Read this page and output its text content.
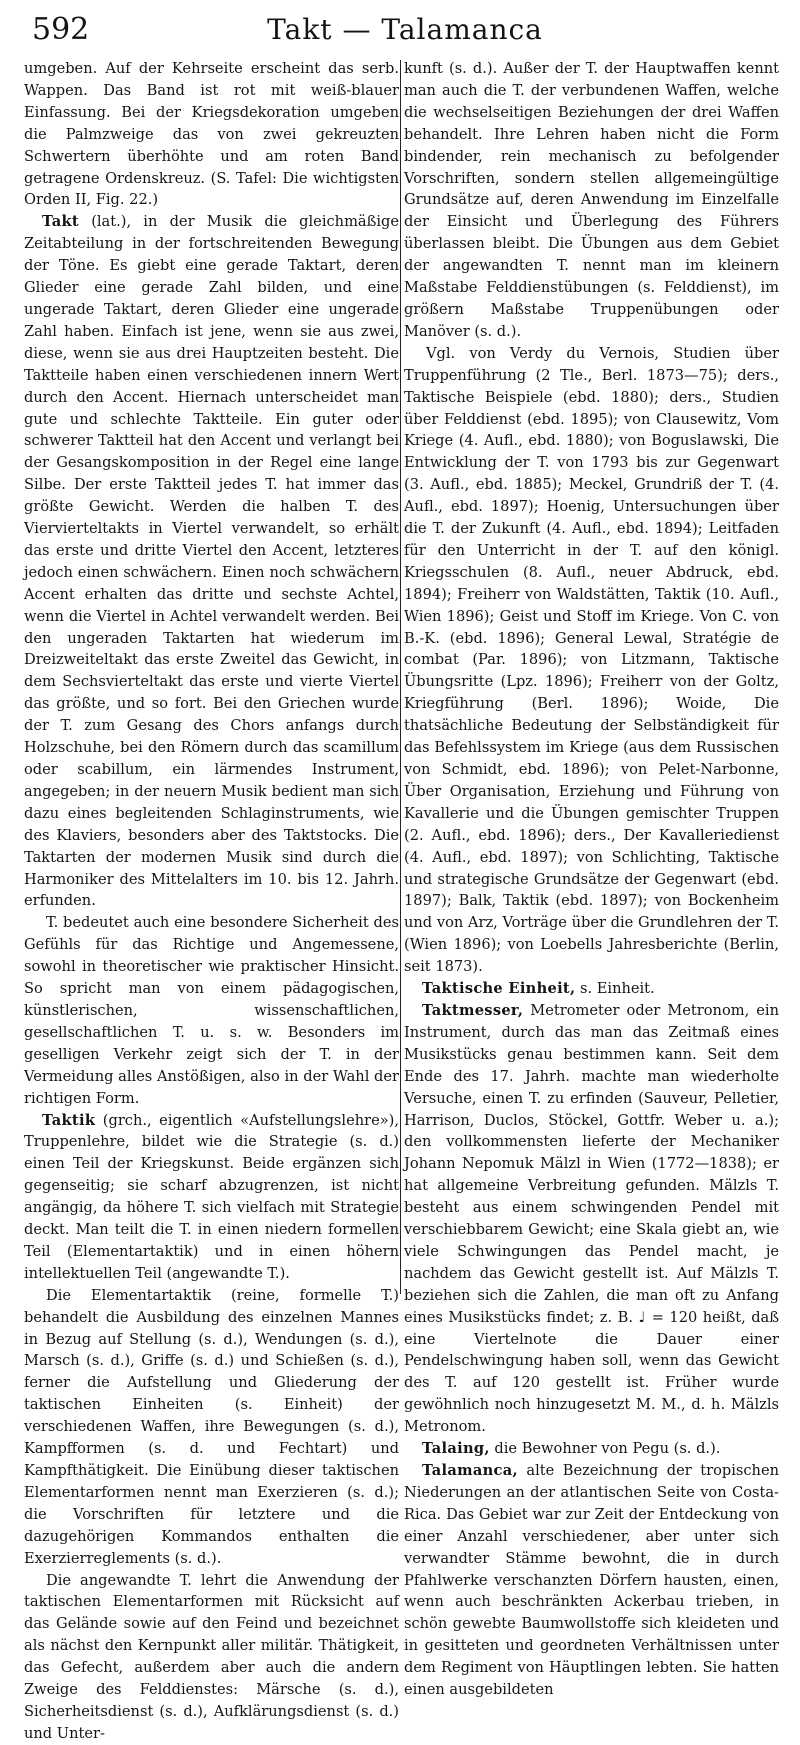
592	Takt — Talamanca

umgeben. Auf der Kehrseite erscheint das serb. Wappen. Das Band ist rot mit weiß-blauer Einfassung. Bei der Kriegsdekoration umgeben die Palmzweige das von zwei gekreuzten Schwertern überhöhte und am roten Band getragene Ordenskreuz. (S. Tafel: Die wichtigsten Orden II, Fig. 22.)

Takt (lat.), in der Musik die gleichmäßige Zeitabteilung in der fortschreitenden Bewegung der Töne. Es giebt eine gerade Taktart, deren Glieder eine gerade Zahl bilden, und eine ungerade Taktart, deren Glieder eine ungerade Zahl haben. Einfach ist jene, wenn sie aus zwei, diese, wenn sie aus drei Hauptzeiten besteht. Die Taktteile haben einen verschiedenen innern Wert durch den Accent. Hiernach unterscheidet man gute und schlechte Taktteile. Ein guter oder schwerer Taktteil hat den Accent und verlangt bei der Gesangskomposition in der Regel eine lange Silbe. Der erste Taktteil jedes T. hat immer das größte Gewicht. Werden die halben T. des Viervierteltakts in Viertel verwandelt, so erhält das erste und dritte Viertel den Accent, letzteres jedoch einen schwächern. Einen noch schwächern Accent erhalten das dritte und sechste Achtel, wenn die Viertel in Achtel verwandelt werden. Bei den ungeraden Taktarten hat wiederum im Dreizweiteltakt das erste Zweitel das Gewicht, in dem Sechsvierteltakt das erste und vierte Viertel das größte, und so fort. Bei den Griechen wurde der T. zum Gesang des Chors anfangs durch Holzschuhe, bei den Römern durch das scamillum oder scabillum, ein lärmendes Instrument, angegeben; in der neuern Musik bedient man sich dazu eines begleitenden Schlaginstruments, wie des Klaviers, besonders aber des Taktstocks. Die Taktarten der modernen Musik sind durch die Harmoniker des Mittelalters im 10. bis 12. Jahrh. erfunden.

T. bedeutet auch eine besondere Sicherheit des Gefühls für das Richtige und Angemessene, sowohl in theoretischer wie praktischer Hinsicht. So spricht man von einem pädagogischen, künstlerischen, wissenschaftlichen, gesellschaftlichen T. u. s. w. Besonders im geselligen Verkehr zeigt sich der T. in der Vermeidung alles Anstößigen, also in der Wahl der richtigen Form.

Taktik (grch., eigentlich «Aufstellungslehre»), Truppenlehre, bildet wie die Strategie (s. d.) einen Teil der Kriegskunst. Beide ergänzen sich gegenseitig; sie scharf abzugrenzen, ist nicht angängig, da höhere T. sich vielfach mit Strategie deckt. Man teilt die T. in einen niedern formellen Teil (Elementartaktik) und in einen höhern intellektuellen Teil (angewandte T.).

Die Elementartaktik (reine, formelle T.) behandelt die Ausbildung des einzelnen Mannes in Bezug auf Stellung (s. d.), Wendungen (s. d.), Marsch (s. d.), Griffe (s. d.) und Schießen (s. d.), ferner die Aufstellung und Gliederung der taktischen Einheiten (s. Einheit) der verschiedenen Waffen, ihre Bewegungen (s. d.), Kampfformen (s. d. und Fechtart) und Kampfthätigkeit. Die Einübung dieser taktischen Elementarformen nennt man Exerzieren (s. d.); die Vorschriften für letztere und die dazugehörigen Kommandos enthalten die Exerzierreglements (s. d.).

Die angewandte T. lehrt die Anwendung der taktischen Elementarformen mit Rücksicht auf das Gelände sowie auf den Feind und bezeichnet als nächst den Kernpunkt aller militär. Thätigkeit, das Gefecht, außerdem aber auch die andern Zweige des Felddienstes: Märsche (s. d.), Sicherheitsdienst (s. d.), Aufklärungsdienst (s. d.) und Unter-

kunft (s. d.). Außer der T. der Hauptwaffen kennt man auch die T. der verbundenen Waffen, welche die wechselseitigen Beziehungen der drei Waffen behandelt. Ihre Lehren haben nicht die Form bindender, rein mechanisch zu befolgender Vorschriften, sondern stellen allgemeingültige Grundsätze auf, deren Anwendung im Einzelfalle der Einsicht und Überlegung des Führers überlassen bleibt. Die Übungen aus dem Gebiet der angewandten T. nennt man im kleinern Maßstabe Felddienstübungen (s. Felddienst), im größern Maßstabe Truppenübungen oder Manöver (s. d.).

Vgl. von Verdy du Vernois, Studien über Truppenführung (2 Tle., Berl. 1873—75); ders., Taktische Beispiele (ebd. 1880); ders., Studien über Felddienst (ebd. 1895); von Clausewitz, Vom Kriege (4. Aufl., ebd. 1880); von Boguslawski, Die Entwicklung der T. von 1793 bis zur Gegenwart (3. Aufl., ebd. 1885); Meckel, Grundriß der T. (4. Aufl., ebd. 1897); Hoenig, Untersuchungen über die T. der Zukunft (4. Aufl., ebd. 1894); Leitfaden für den Unterricht in der T. auf den königl. Kriegsschulen (8. Aufl., neuer Abdruck, ebd. 1894); Freiherr von Waldstätten, Taktik (10. Aufl., Wien 1896); Geist und Stoff im Kriege. Von C. von B.-K. (ebd. 1896); General Lewal, Stratégie de combat (Par. 1896); von Litzmann, Taktische Übungsritte (Lpz. 1896); Freiherr von der Goltz, Kriegführung (Berl. 1896); Woide, Die thatsächliche Bedeutung der Selbständigkeit für das Befehlssystem im Kriege (aus dem Russischen von Schmidt, ebd. 1896); von Pelet-Narbonne, Über Organisation, Erziehung und Führung von Kavallerie und die Übungen gemischter Truppen (2. Aufl., ebd. 1896); ders., Der Kavalleriedienst (4. Aufl., ebd. 1897); von Schlichting, Taktische und strategische Grundsätze der Gegenwart (ebd. 1897); Balk, Taktik (ebd. 1897); von Bockenheim und von Arz, Vorträge über die Grundlehren der T. (Wien 1896); von Loebells Jahresberichte (Berlin, seit 1873).

Taktische Einheit, s. Einheit.

Taktmesser, Metrometer oder Metronom, ein Instrument, durch das man das Zeitmaß eines Musikstücks genau bestimmen kann. Seit dem Ende des 17. Jahrh. machte man wiederholte Versuche, einen T. zu erfinden (Sauveur, Pelletier, Harrison, Duclos, Stöckel, Gottfr. Weber u. a.); den vollkommensten lieferte der Mechaniker Johann Nepomuk Mälzl in Wien (1772—1838); er hat allgemeine Verbreitung gefunden. Mälzls T. besteht aus einem schwingenden Pendel mit verschiebbarem Gewicht; eine Skala giebt an, wie viele Schwingungen das Pendel macht, je nachdem das Gewicht gestellt ist. Auf Mälzls T. beziehen sich die Zahlen, die man oft zu Anfang eines Musikstücks findet; z. B. ♩ = 120 heißt, daß eine Viertelnote die Dauer einer Pendelschwingung haben soll, wenn das Gewicht des T. auf 120 gestellt ist. Früher wurde gewöhnlich noch hinzugesetzt M. M., d. h. Mälzls Metronom.

Talaing, die Bewohner von Pegu (s. d.).

Talamanca, alte Bezeichnung der tropischen Niederungen an der atlantischen Seite von Costa-Rica. Das Gebiet war zur Zeit der Entdeckung von einer Anzahl verschiedener, aber unter sich verwandter Stämme bewohnt, die in durch Pfahlwerke verschanzten Dörfern hausten, einen, wenn auch beschränkten Ackerbau trieben, in schön gewebte Baumwollstoffe sich kleideten und in gesitteten und geordneten Verhältnissen unter dem Regiment von Häuptlingen lebten. Sie hatten einen ausgebildeten
